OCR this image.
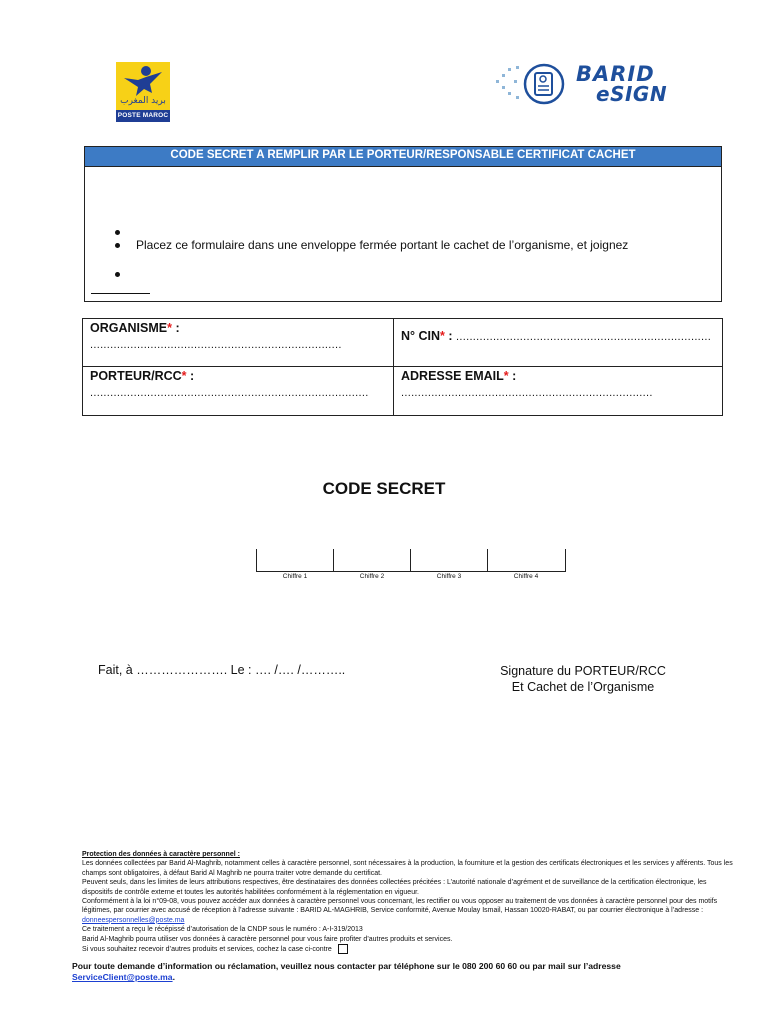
بريد المغرب
POSTE MAROC
BARID
eSIGN
CODE SECRET A REMPLIR PAR LE PORTEUR/RESPONSABLE CERTIFICAT CACHET
Placez ce formulaire dans une enveloppe fermée portant le cachet de l’organisme, et joignez
ORGANISME* :
...........................................................................
N° CIN* : ............................................................................
PORTEUR/RCC* :
...................................................................................
ADRESSE EMAIL* :
...........................................................................
CODE SECRET
Chiffre 1	Chiffre 2	Chiffre 3	Chiffre 4
Fait, à …………………. Le : …. /…. /………..	Signature du PORTEUR/RCC
Et Cachet de l’Organisme
Protection des données à caractère personnel :
Les données collectées par Barid Al-Maghrib, notamment celles à caractère personnel, sont nécessaires à la production, la fourniture et la gestion des certificats électroniques et les services y afférents. Tous les champs sont obligatoires, à défaut Barid Al Maghrib ne pourra traiter votre demande du certificat.
Peuvent seuls, dans les limites de leurs attributions respectives, être destinataires des données collectées précitées : L’autorité nationale d’agrément et de surveillance de la certification électronique, les dispositifs de contrôle externe et toutes les autorités habilitées conformément à la réglementation en vigueur.
Conformément à la loi n°09-08, vous pouvez accéder aux données à caractère personnel vous concernant, les rectifier ou vous opposer au traitement de vos données à caractère personnel pour des motifs légitimes, par courrier avec accusé de réception à l’adresse suivante : BARID AL-MAGHRIB, Service conformité, Avenue Moulay Ismail, Hassan 10020-RABAT, ou par courrier électronique à l’adresse : donneespersonnelles@poste.ma
Ce traitement a reçu le récépissé d’autorisation de la CNDP sous le numéro : A-I-319/2013
Barid Al-Maghrib pourra utiliser vos données à caractère personnel pour vous faire profiter d’autres produits et services.
Si vous souhaitez recevoir d’autres produits et services, cochez la case ci-contre
Pour toute demande d’information ou réclamation, veuillez nous contacter par téléphone sur le 080 200 60 60 ou par mail sur l’adresse
ServiceClient@poste.ma.
